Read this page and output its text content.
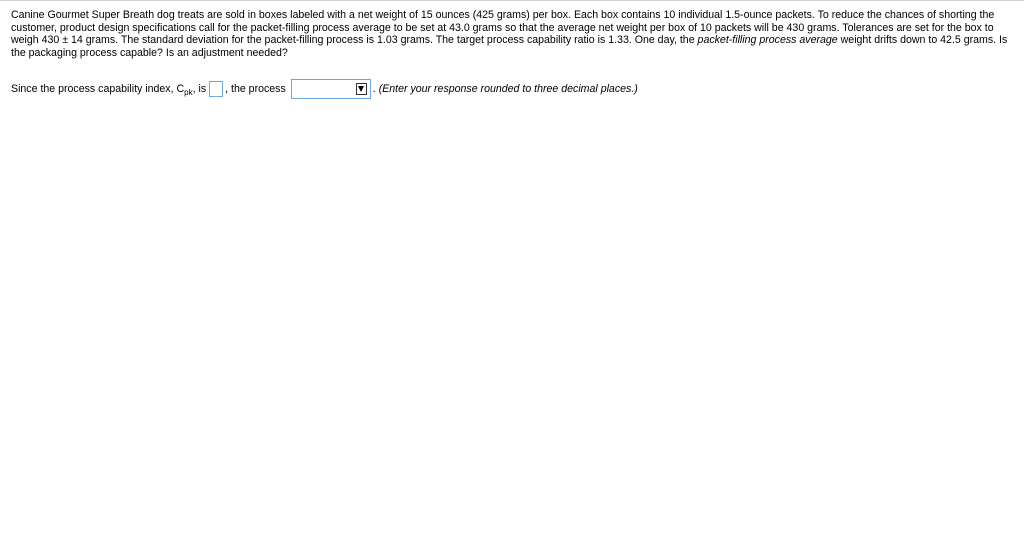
Canine Gourmet Super Breath dog treats are sold in boxes labeled with a net weight of 15 ounces (425 grams) per box. Each box contains 10 individual 1.5-ounce packets. To reduce the chances of shorting the customer, product design specifications call for the packet-filling process average to be set at 43.0 grams so that the average net weight per box of 10 packets will be 430 grams. Tolerances are set for the box to weigh 430 ± 14 grams. The standard deviation for the packet-filling process is 1.03 grams. The target process capability ratio is 1.33. One day, the packet-filling process average weight drifts down to 42.5 grams. Is the packaging process capable? Is an adjustment needed?

Since the process capability index, $C_{pk}$, is , the process	. (Enter your response rounded to three decimal places.)
